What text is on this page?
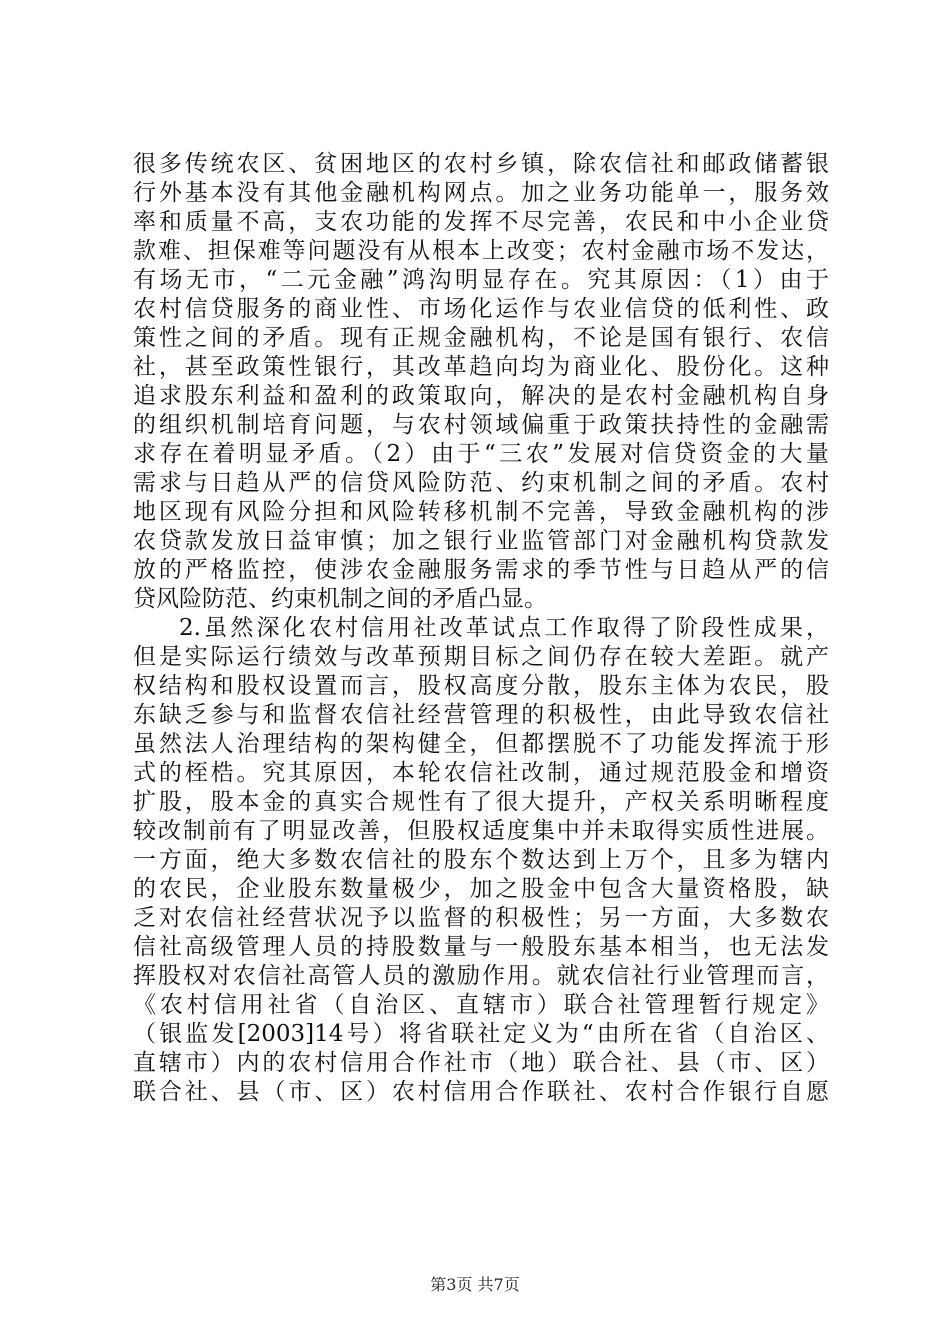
很多传统农区、贫困地区的农村乡镇，除农信社和邮政储蓄银
行外基本没有其他金融机构网点。加之业务功能单一，服务效
率和质量不高，支农功能的发挥不尽完善，农民和中小企业贷
款难、担保难等问题没有从根本上改变；农村金融市场不发达，
有场无市，“二元金融”鸿沟明显存在。究其原因：（1）由于
农村信贷服务的商业性、市场化运作与农业信贷的低利性、政
策性之间的矛盾。现有正规金融机构，不论是国有银行、农信
社，甚至政策性银行，其改革趋向均为商业化、股份化。这种
追求股东利益和盈利的政策取向，解决的是农村金融机构自身
的组织机制培育问题，与农村领域偏重于政策扶持性的金融需
求存在着明显矛盾。（2）由于“三农”发展对信贷资金的大量
需求与日趋从严的信贷风险防范、约束机制之间的矛盾。农村
地区现有风险分担和风险转移机制不完善，导致金融机构的涉
农贷款发放日益审慎；加之银行业监管部门对金融机构贷款发
放的严格监控，使涉农金融服务需求的季节性与日趋从严的信
贷风险防范、约束机制之间的矛盾凸显。
2.虽然深化农村信用社改革试点工作取得了阶段性成果，
但是实际运行绩效与改革预期目标之间仍存在较大差距。就产
权结构和股权设置而言，股权高度分散，股东主体为农民，股
东缺乏参与和监督农信社经营管理的积极性，由此导致农信社
虽然法人治理结构的架构健全，但都摆脱不了功能发挥流于形
式的桎梏。究其原因，本轮农信社改制，通过规范股金和增资
扩股，股本金的真实合规性有了很大提升，产权关系明晰程度
较改制前有了明显改善，但股权适度集中并未取得实质性进展。
一方面，绝大多数农信社的股东个数达到上万个，且多为辖内
的农民，企业股东数量极少，加之股金中包含大量资格股，缺
乏对农信社经营状况予以监督的积极性；另一方面，大多数农
信社高级管理人员的持股数量与一般股东基本相当，也无法发
挥股权对农信社高管人员的激励作用。就农信社行业管理而言，
《农村信用社省（自治区、直辖市）联合社管理暂行规定》
（银监发[2003]14号）将省联社定义为“由所在省（自治区、
直辖市）内的农村信用合作社市（地）联合社、县（市、区）
联合社、县（市、区）农村信用合作联社、农村合作银行自愿
第3页 共7页
